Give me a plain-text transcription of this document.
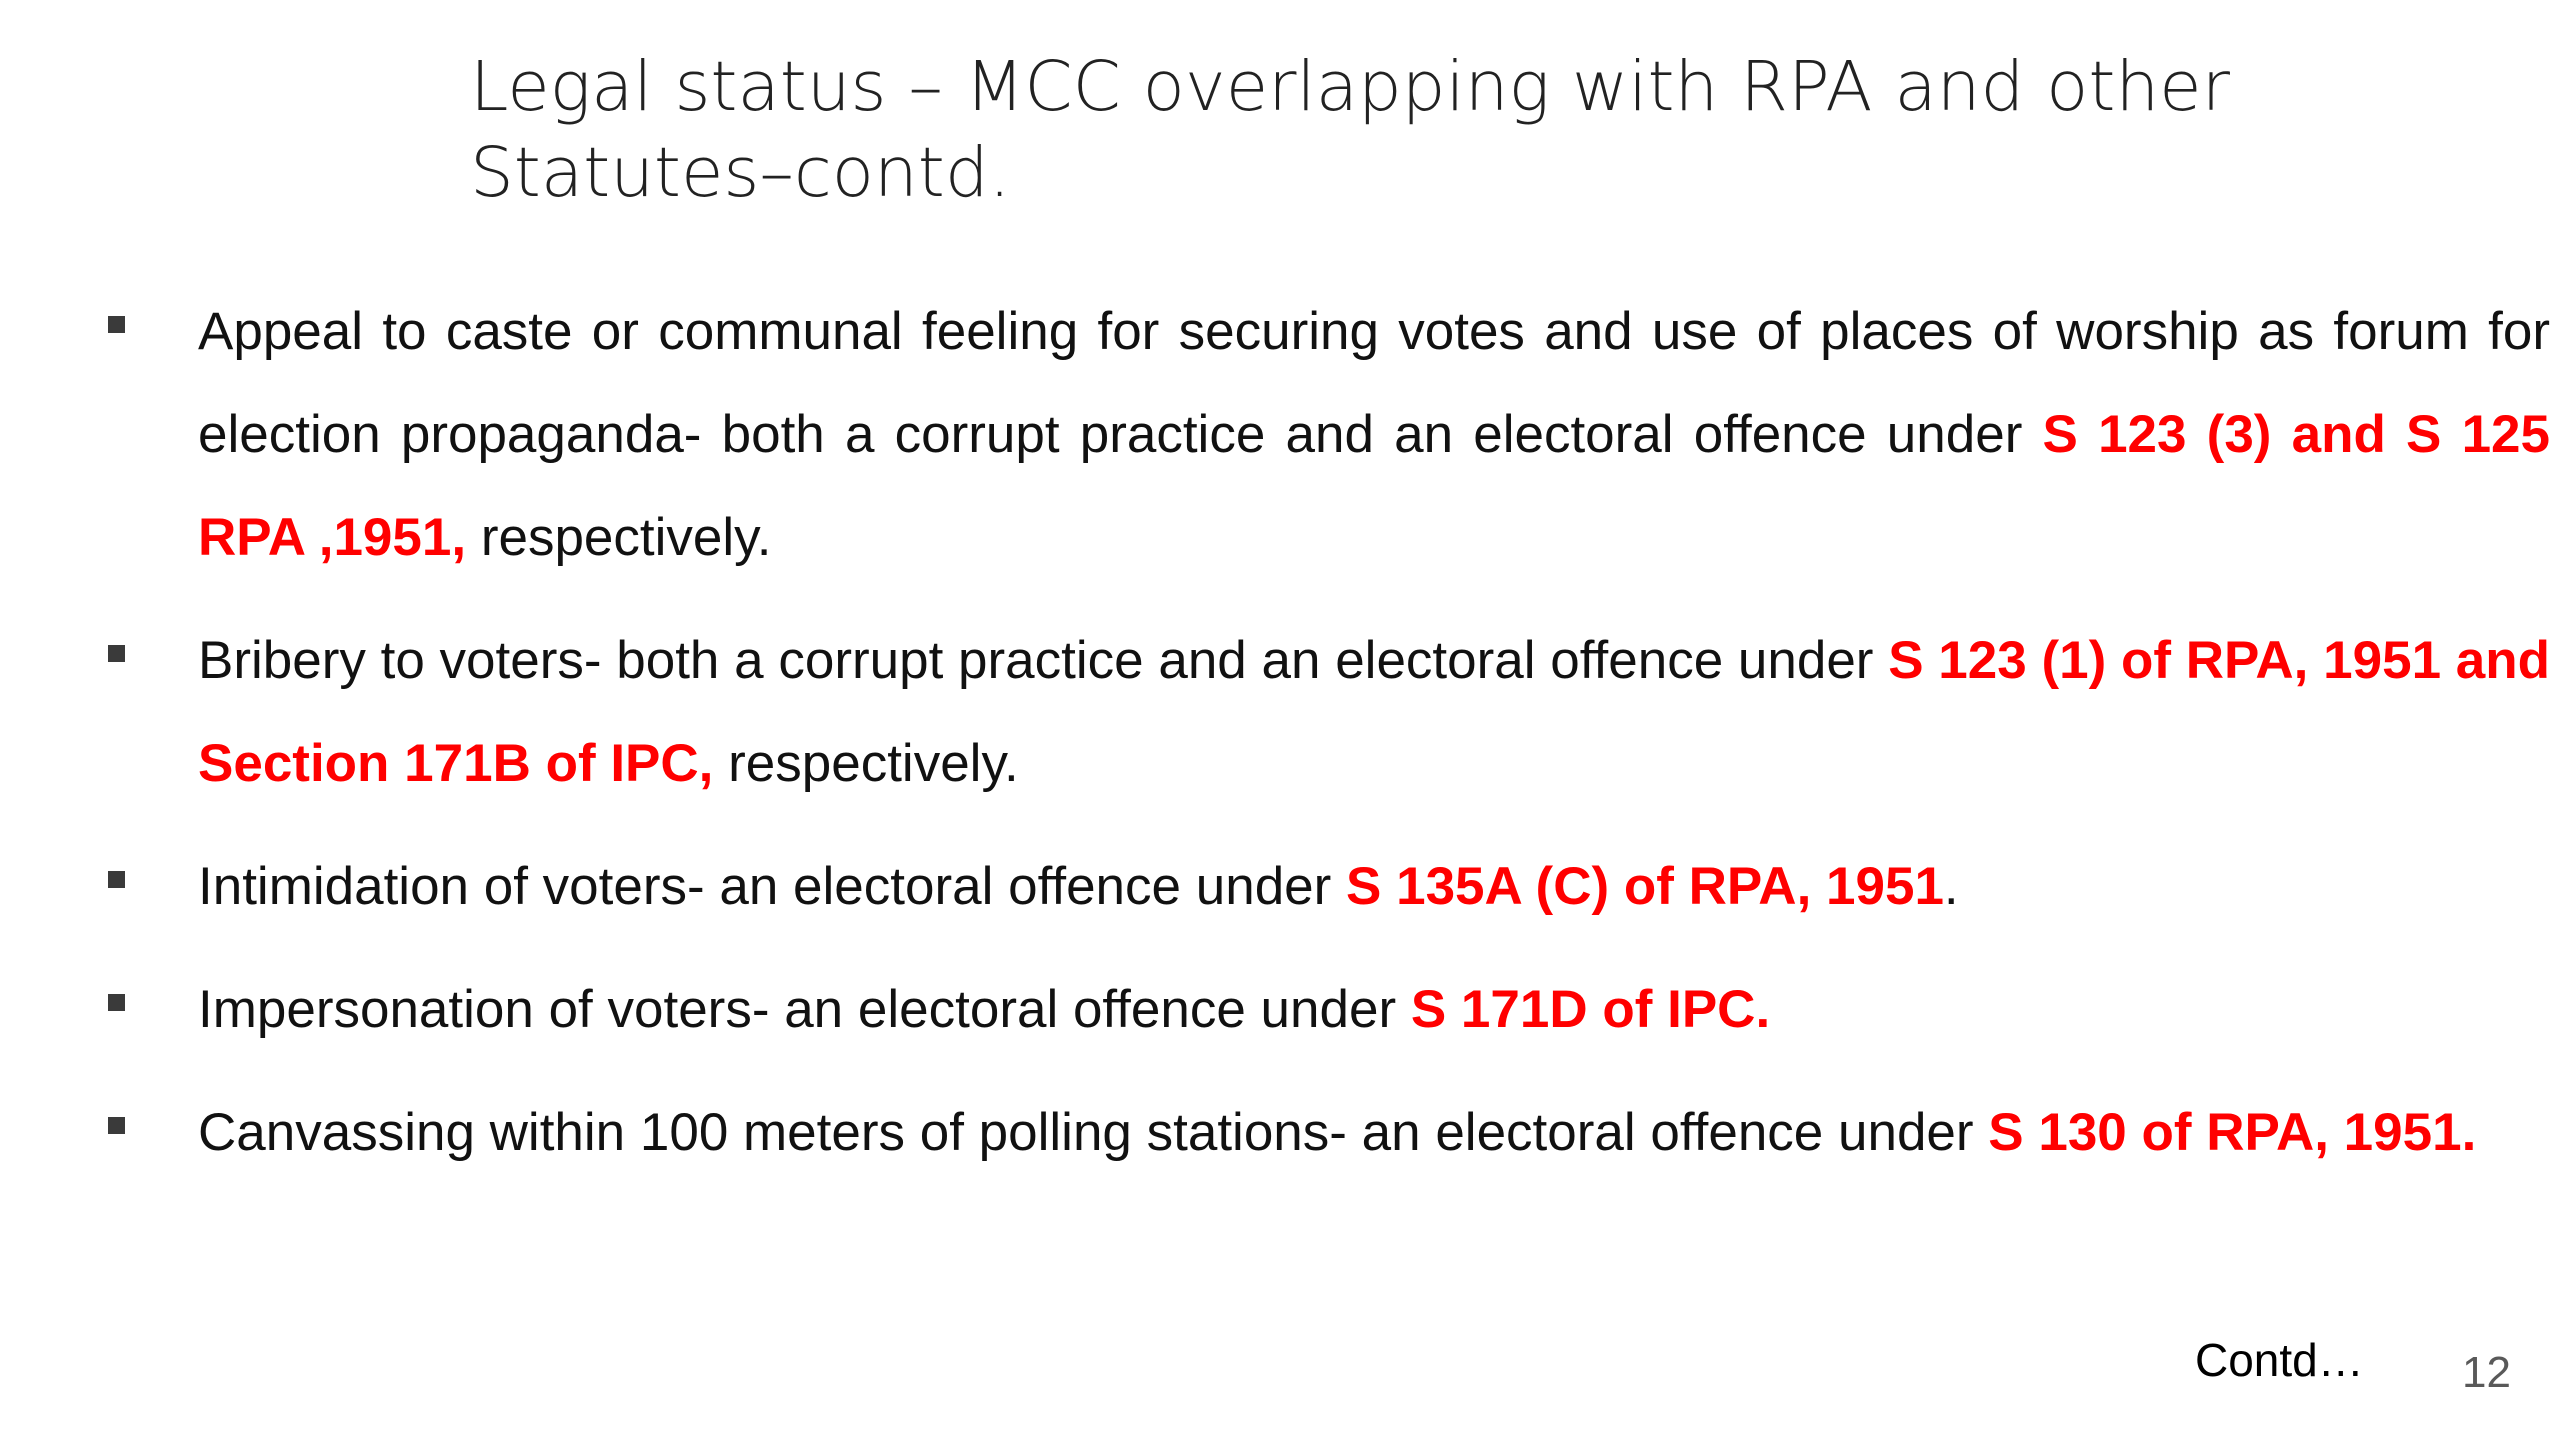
Legal status – MCC overlapping with RPA and other Statutes–contd.
Appeal to caste or communal feeling for securing votes and use of places of worship as forum for election propaganda- both a corrupt practice and an electoral offence under S 123 (3) and S 125 RPA ,1951, respectively.
Bribery to voters- both a corrupt practice and an electoral offence under S 123 (1) of RPA, 1951 and Section 171B of IPC, respectively.
Intimidation of voters- an electoral offence under S 135A (C) of RPA, 1951.
Impersonation of voters- an electoral offence under S 171D of IPC.
Canvassing within 100 meters of polling stations- an electoral offence under S 130 of RPA, 1951.
Contd… 12
